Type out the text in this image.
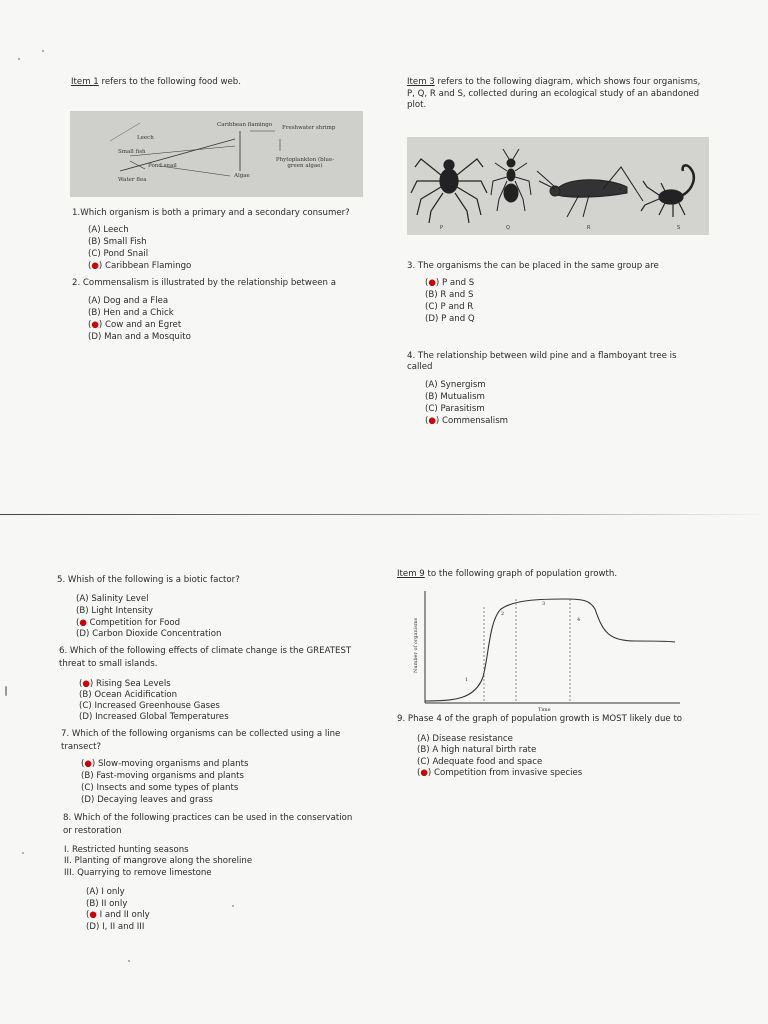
Item 1 refers to the following food web.
Caribbean flamingo Freshwater shrimp
Phytoplankton (blue-green algae)
Algae
Pond snail
Water flea
Leech
Small fish
1.Which organism is both a primary and a secondary consumer?
(A) Leech
(B) Small Fish
(C) Pond Snail
(●) Caribbean Flamingo
2. Commensalism is illustrated by the relationship between a
(A) Dog and a Flea
(B) Hen and a Chick
(●) Cow and an Egret
(D) Man and a Mosquito
Item 3 refers to the following diagram, which shows four organisms,
P, Q, R and S, collected during an ecological study of an abandoned
plot.
P	Q	R	S
3. The organisms the can be placed in the same group are
(●) P and S
(B) R and S
(C) P and R
(D) P and Q
4. The relationship between wild pine and a flamboyant tree is
called
(A) Synergism
(B) Mutualism
(C) Parasitism
(●) Commensalism
5. Whish of the following is a biotic factor?
(A) Salinity Level
(B) Light Intensity
(● Competition for Food
(D) Carbon Dioxide Concentration
6. Which of the following effects of climate change is the GREATEST
threat to small islands.
(●) Rising Sea Levels
(B) Ocean Acidification
(C) Increased Greenhouse Gases
(D) Increased Global Temperatures
7. Which of the following organisms can be collected using a line
transect?
(●) Slow-moving organisms and plants
(B) Fast-moving organisms and plants
(C) Insects and some types of plants
(D) Decaying leaves and grass
8. Which of the following practices can be used in the conservation
or restoration
I. Restricted hunting seasons
II. Planting of mangrove along the shoreline
III. Quarrying to remove limestone
(A) I only
(B) II only
(● I and II only
(D) I, II and III
Item 9 to the following graph of population growth.
1
2
3
4
Time
Number of organisms
9. Phase 4 of the graph of population growth is MOST likely due to
(A) Disease resistance
(B) A high natural birth rate
(C) Adequate food and space
(●) Competition from invasive species
